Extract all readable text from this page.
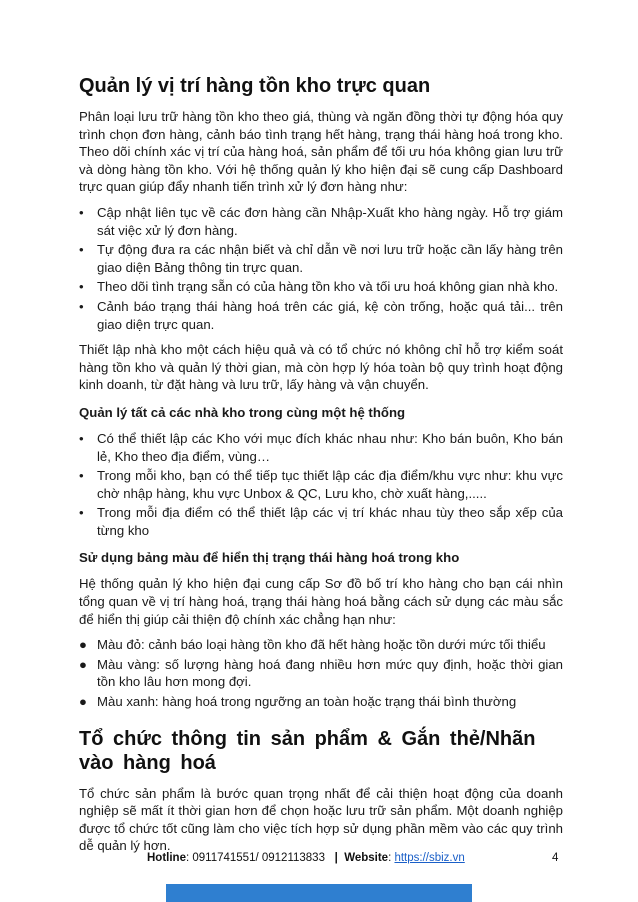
Quản lý vị trí hàng tồn kho trực quan

Phân loại lưu trữ hàng tồn kho theo giá, thùng và ngăn đồng thời tự động hóa quy trình chọn đơn hàng, cảnh báo tình trạng hết hàng, trạng thái hàng hoá trong kho. Theo dõi chính xác vị trí của hàng hoá, sản phẩm để tối ưu hóa không gian lưu trữ và dòng hàng tồn kho. Với hệ thống quản lý kho hiện đại sẽ cung cấp Dashboard trực quan giúp đẩy nhanh tiến trình xử lý đơn hàng như:

•	Cập nhật liên tục về các đơn hàng cần Nhập-Xuất kho hàng ngày. Hỗ trợ giám sát việc xử lý đơn hàng.
•	Tự động đưa ra các nhận biết và chỉ dẫn về nơi lưu trữ hoặc cần lấy hàng trên giao diện Bảng thông tin trực quan.
•	Theo dõi tình trạng sẵn có của hàng tồn kho và tối ưu hoá không gian nhà kho.
•	Cảnh báo trạng thái hàng hoá trên các giá, kệ còn trống, hoặc quá tải... trên giao diện trực quan.

Thiết lập nhà kho một cách hiệu quả và có tổ chức nó không chỉ hỗ trợ kiểm soát hàng tồn kho và quản lý thời gian, mà còn hợp lý hóa toàn bộ quy trình hoạt động kinh doanh, từ đặt hàng và lưu trữ, lấy hàng và vận chuyển.

Quản lý tất cả các nhà kho trong cùng một hệ thống
•	Có thể thiết lập các Kho với mục đích khác nhau như: Kho bán buôn, Kho bán lẻ, Kho theo địa điểm, vùng…
•	Trong mỗi kho, bạn có thể tiếp tục thiết lập các địa điểm/khu vực như: khu vực chờ nhập hàng, khu vực Unbox & QC, Lưu kho, chờ xuất hàng,.....
•	Trong mỗi địa điểm có thể thiết lập các vị trí khác nhau tùy theo sắp xếp của từng kho
Sử dụng bảng màu để hiển thị trạng thái hàng hoá trong kho

Hệ thống quản lý kho hiện đại cung cấp Sơ đồ bố trí kho hàng cho bạn cái nhìn tổng quan về vị trí hàng hoá, trạng thái hàng hoá bằng cách sử dụng các màu sắc để hiển thị giúp cải thiện độ chính xác chẳng hạn như:

● Màu đỏ: cảnh báo loại hàng tồn kho đã hết hàng hoặc tồn dưới mức tối thiểu
● Màu vàng: số lượng hàng hoá đang nhiều hơn mức quy định, hoặc thời gian tồn kho lâu hơn mong đợi.
● Màu xanh: hàng hoá trong ngưỡng an toàn hoặc trạng thái bình thường
Tổ chức thông tin sản phẩm & Gắn thẻ/Nhãn vào hàng hoá

Tổ chức sản phẩm là bước quan trọng nhất để cải thiện hoạt động của doanh nghiệp sẽ mất ít thời gian hơn để chọn hoặc lưu trữ sản phẩm. Một doanh nghiệp được tổ chức tốt cũng làm cho việc tích hợp sử dụng phần mềm vào các quy trình dễ quản lý hơn.

Hotline: 0911741551/ 0912113833 | Website: https://sbiz.vn	4
